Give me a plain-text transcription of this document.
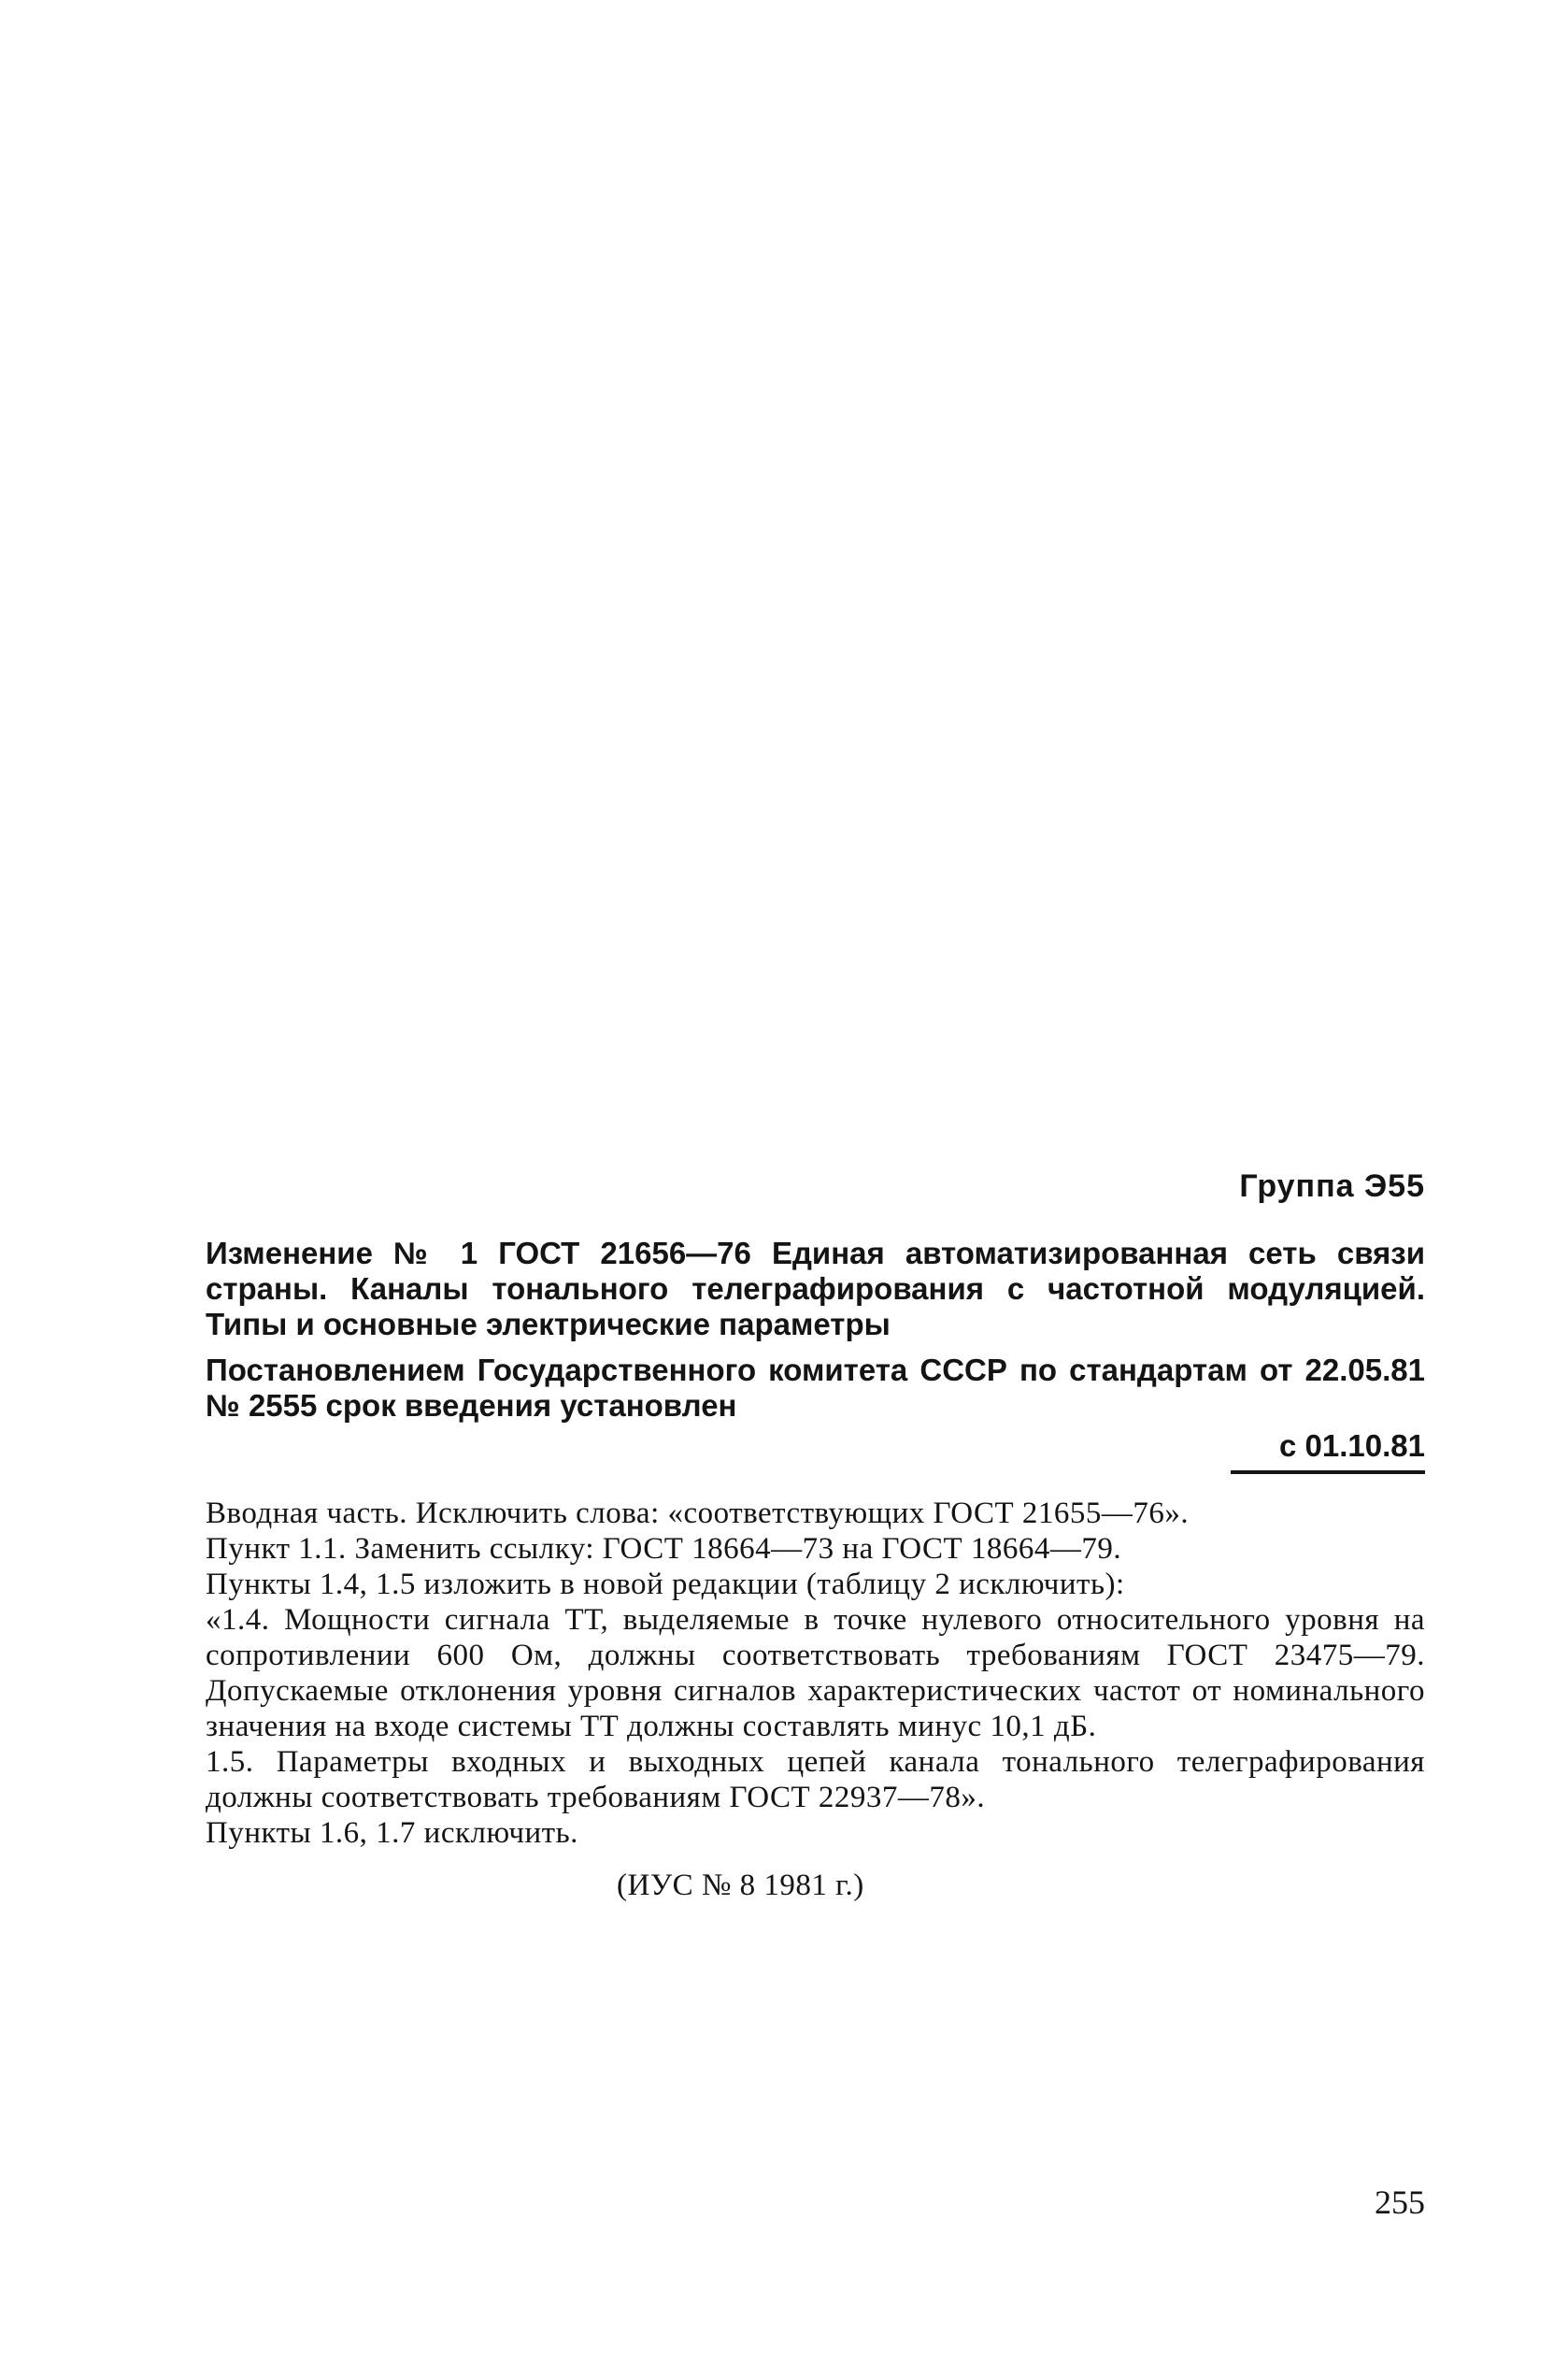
Группа Э55
Изменение № 1 ГОСТ 21656—76 Единая автоматизированная сеть связи страны. Каналы тонального телеграфирования с частотной модуляцией. Типы и основные электрические параметры
Постановлением Государственного комитета СССР по стандартам от 22.05.81 № 2555 срок введения установлен
с 01.10.81

Вводная часть. Исключить слова: «соответствующих ГОСТ 21655—76».

Пункт 1.1. Заменить ссылку: ГОСТ 18664—73 на ГОСТ 18664—79.

Пункты 1.4, 1.5 изложить в новой редакции (таблицу 2 исключить):

«1.4. Мощности сигнала ТТ, выделяемые в точке нулевого относительного уровня на сопротивлении 600 Ом, должны соответствовать требованиям ГОСТ 23475—79. Допускаемые отклонения уровня сигналов характеристических частот от номинального значения на входе системы ТТ должны составлять минус 10,1 дБ.

1.5. Параметры входных и выходных цепей канала тонального телеграфирования должны соответствовать требованиям ГОСТ 22937—78».

Пункты 1.6, 1.7 исключить.

(ИУС № 8 1981 г.)

255
